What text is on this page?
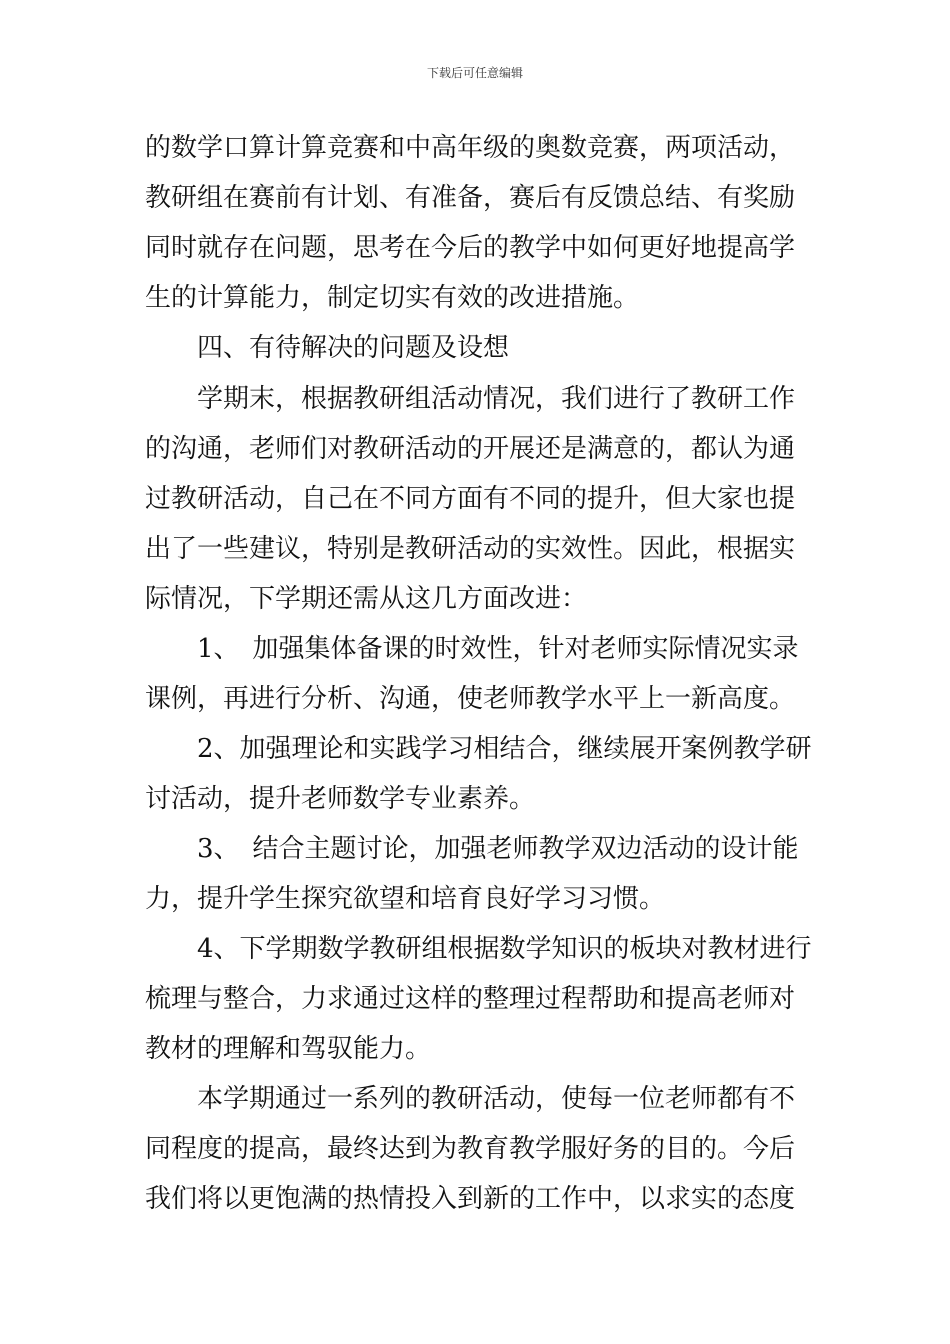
下载后可任意编辑
的数学口算计算竞赛和中高年级的奥数竞赛，两项活动，
教研组在赛前有计划、有准备，赛后有反馈总结、有奖励
同时就存在问题，思考在今后的教学中如何更好地提高学
生的计算能力，制定切实有效的改进措施。
　　四、有待解决的问题及设想
　　学期末，根据教研组活动情况，我们进行了教研工作
的沟通，老师们对教研活动的开展还是满意的，都认为通
过教研活动，自己在不同方面有不同的提升，但大家也提
出了一些建议，特别是教研活动的实效性。因此，根据实
际情况，下学期还需从这几方面改进：
　　1、　加强集体备课的时效性，针对老师实际情况实录
课例，再进行分析、沟通，使老师教学水平上一新高度。
　　2、加强理论和实践学习相结合，继续展开案例教学研
讨活动，提升老师数学专业素养。
　　3、　结合主题讨论，加强老师教学双边活动的设计能
力，提升学生探究欲望和培育良好学习习惯。
　　4、下学期数学教研组根据数学知识的板块对教材进行
梳理与整合，力求通过这样的整理过程帮助和提高老师对
教材的理解和驾驭能力。
　　本学期通过一系列的教研活动，使每一位老师都有不
同程度的提高，最终达到为教育教学服好务的目的。今后
我们将以更饱满的热情投入到新的工作中，以求实的态度
